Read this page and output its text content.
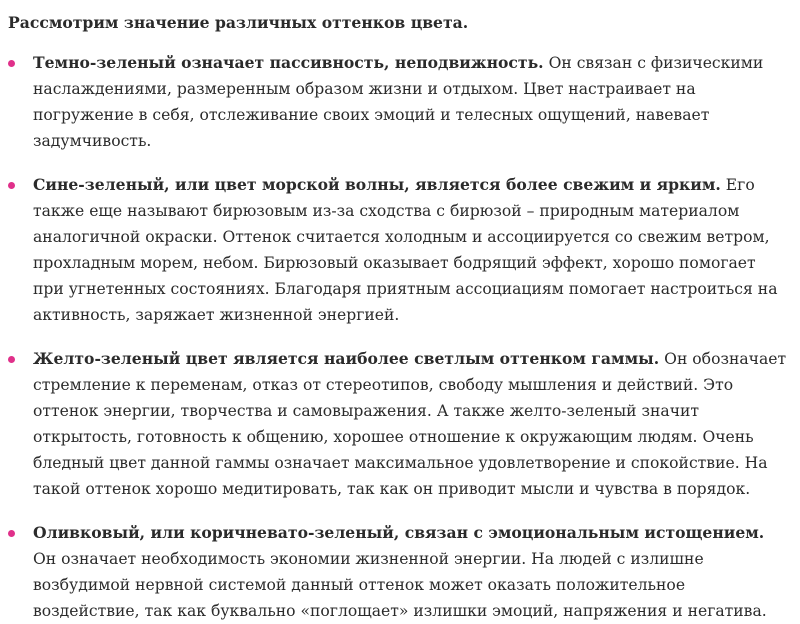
Рассмотрим значение различных оттенков цвета.

Темно-зеленый означает пассивность, неподвижность. Он связан с физическими наслаждениями, размеренным образом жизни и отдыхом. Цвет настраивает на погружение в себя, отслеживание своих эмоций и телесных ощущений, навевает задумчивость.
Сине-зеленый, или цвет морской волны, является более свежим и ярким. Его также еще называют бирюзовым из-за сходства с бирюзой – природным материалом аналогичной окраски. Оттенок считается холодным и ассоциируется со свежим ветром, прохладным морем, небом. Бирюзовый оказывает бодрящий эффект, хорошо помогает при угнетенных состояниях. Благодаря приятным ассоциациям помогает настроиться на активность, заряжает жизненной энергией.
Желто-зеленый цвет является наиболее светлым оттенком гаммы. Он обозначает стремление к переменам, отказ от стереотипов, свободу мышления и действий. Это оттенок энергии, творчества и самовыражения. А также желто-зеленый значит открытость, готовность к общению, хорошее отношение к окружающим людям. Очень бледный цвет данной гаммы означает максимальное удовлетворение и спокойствие. На такой оттенок хорошо медитировать, так как он приводит мысли и чувства в порядок.
Оливковый, или коричневато-зеленый, связан с эмоциональным истощением. Он означает необходимость экономии жизненной энергии. На людей с излишне возбудимой нервной системой данный оттенок может оказать положительное воздействие, так как буквально «поглощает» излишки эмоций, напряжения и негатива.
